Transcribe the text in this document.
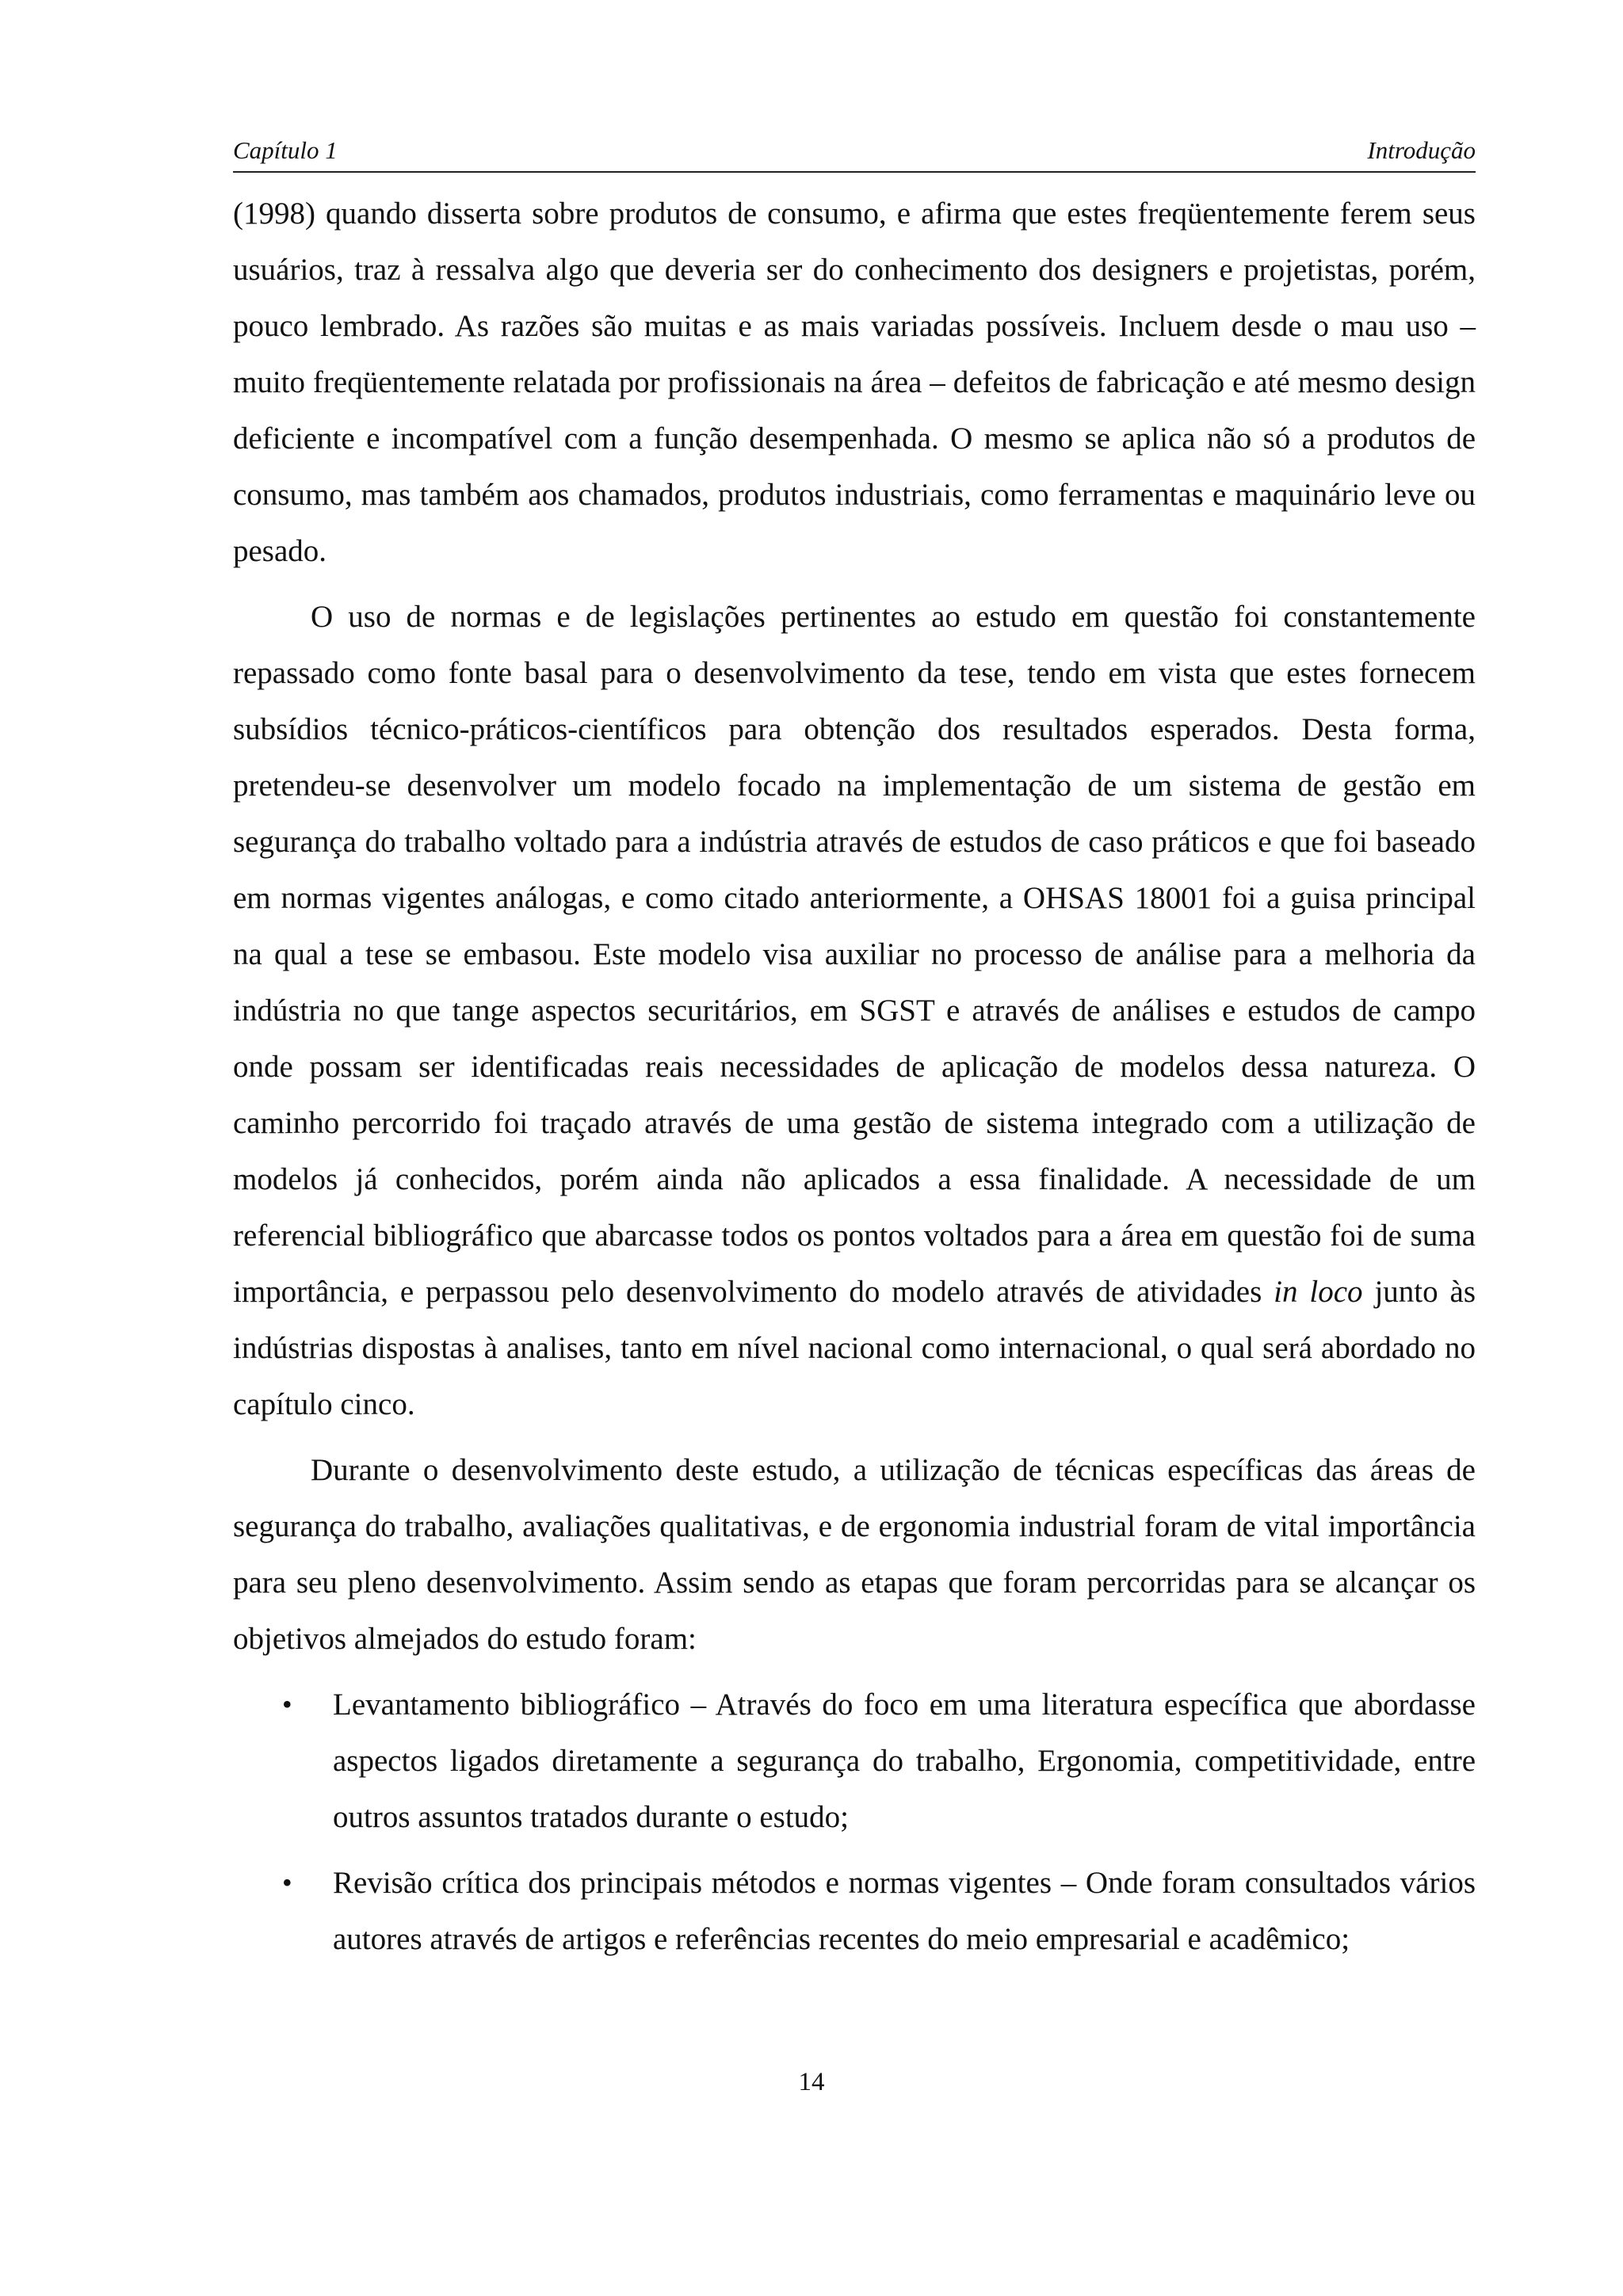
Capítulo 1	Introdução

(1998) quando disserta sobre produtos de consumo, e afirma que estes freqüentemente ferem seus usuários, traz à ressalva algo que deveria ser do conhecimento dos designers e projetistas, porém, pouco lembrado. As razões são muitas e as mais variadas possíveis. Incluem desde o mau uso – muito freqüentemente relatada por profissionais na área – defeitos de fabricação e até mesmo design deficiente e incompatível com a função desempenhada. O mesmo se aplica não só a produtos de consumo, mas também aos chamados, produtos industriais, como ferramentas e maquinário leve ou pesado.

O uso de normas e de legislações pertinentes ao estudo em questão foi constantemente repassado como fonte basal para o desenvolvimento da tese, tendo em vista que estes fornecem subsídios técnico-práticos-científicos para obtenção dos resultados esperados. Desta forma, pretendeu-se desenvolver um modelo focado na implementação de um sistema de gestão em segurança do trabalho voltado para a indústria através de estudos de caso práticos e que foi baseado em normas vigentes análogas, e como citado anteriormente, a OHSAS 18001 foi a guisa principal na qual a tese se embasou. Este modelo visa auxiliar no processo de análise para a melhoria da indústria no que tange aspectos securitários, em SGST e através de análises e estudos de campo onde possam ser identificadas reais necessidades de aplicação de modelos dessa natureza. O caminho percorrido foi traçado através de uma gestão de sistema integrado com a utilização de modelos já conhecidos, porém ainda não aplicados a essa finalidade. A necessidade de um referencial bibliográfico que abarcasse todos os pontos voltados para a área em questão foi de suma importância, e perpassou pelo desenvolvimento do modelo através de atividades in loco junto às indústrias dispostas à analises, tanto em nível nacional como internacional, o qual será abordado no capítulo cinco.

Durante o desenvolvimento deste estudo, a utilização de técnicas específicas das áreas de segurança do trabalho, avaliações qualitativas, e de ergonomia industrial foram de vital importância para seu pleno desenvolvimento. Assim sendo as etapas que foram percorridas para se alcançar os objetivos almejados do estudo foram:

• Levantamento bibliográfico – Através do foco em uma literatura específica que abordasse aspectos ligados diretamente a segurança do trabalho, Ergonomia, competitividade, entre outros assuntos tratados durante o estudo;
• Revisão crítica dos principais métodos e normas vigentes – Onde foram consultados vários autores através de artigos e referências recentes do meio empresarial e acadêmico;
14
